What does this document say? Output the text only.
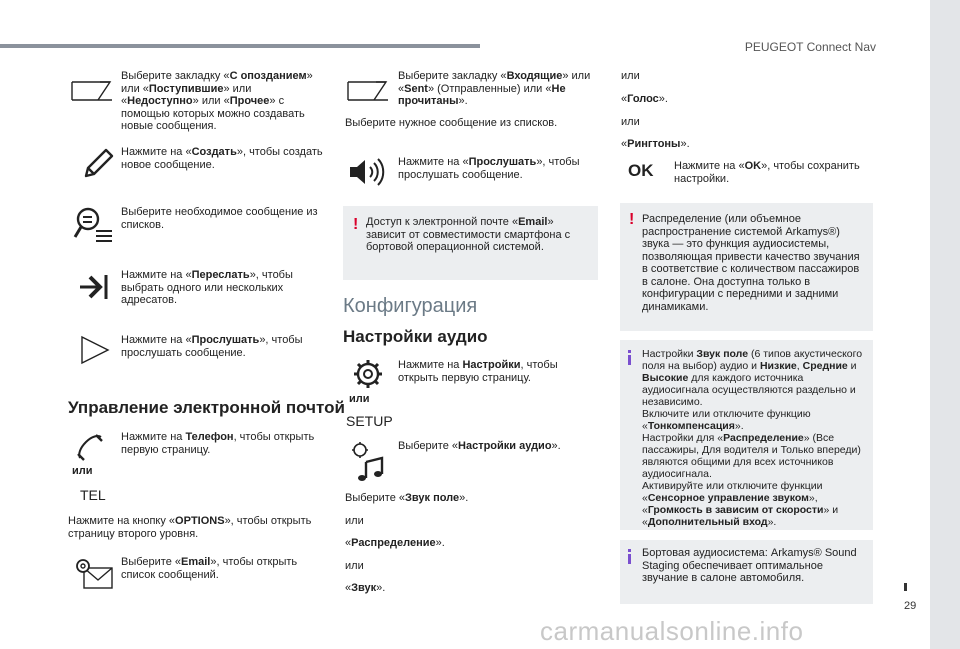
PEUGEOT Connect Nav
29
Выберите закладку «С опозданием» или «Поступившие» или «Недоступно» или «Прочее» с помощью которых можно создавать новые сообщения.
Нажмите на «Создать», чтобы создать новое сообщение.
Выберите необходимое сообщение из списков.
Нажмите на «Переслать», чтобы выбрать одного или нескольких адресатов.
Нажмите на «Прослушать», чтобы прослушать сообщение.
Управление электронной почтой
или
TEL
Нажмите на Телефон, чтобы открыть первую страницу.
Нажмите на кнопку «OPTIONS», чтобы открыть страницу второго уровня.
Выберите «Email», чтобы открыть список сообщений.
Выберите закладку «Входящие» или «Sent» (Отправленные) или «Не прочитаны».
Выберите нужное сообщение из списков.
Нажмите на «Прослушать», чтобы прослушать сообщение.
! Доступ к электронной почте «Email» зависит от совместимости смартфона с бортовой операционной системой.
Конфигурация
Настройки аудио
или
SETUP
Нажмите на Настройки, чтобы открыть первую страницу.
Выберите «Настройки аудио».
Выберите «Звук поле».
или
«Распределение».
или
«Звук».
или
«Голос».
или
«Рингтоны».
OK Нажмите на «OK», чтобы сохранить настройки.
! Распределение (или объемное распространение системой Arkamys®) звука — это функция аудиосистемы, позволяющая привести качество звучания в соответствие с количеством пассажиров в салоне. Она доступна только в конфигурации с передними и задними динамиками.
Настройки Звук поле (6 типов акустического поля на выбор) аудио и Низкие, Средние и Высокие для каждого источника аудиосигнала осуществляются раздельно и независимо.
Включите или отключите функцию «Тонкомпенсация».
Настройки для «Распределение» (Все пассажиры, Для водителя и Только впереди) являются общими для всех источников аудиосигнала.
Активируйте или отключите функции «Сенсорное управление звуком», «Громкость в зависим от скорости» и «Дополнительный вход».
Бортовая аудиосистема: Arkamys® Sound Staging обеспечивает оптимальное звучание в салоне автомобиля.
carmanualsonline.info
